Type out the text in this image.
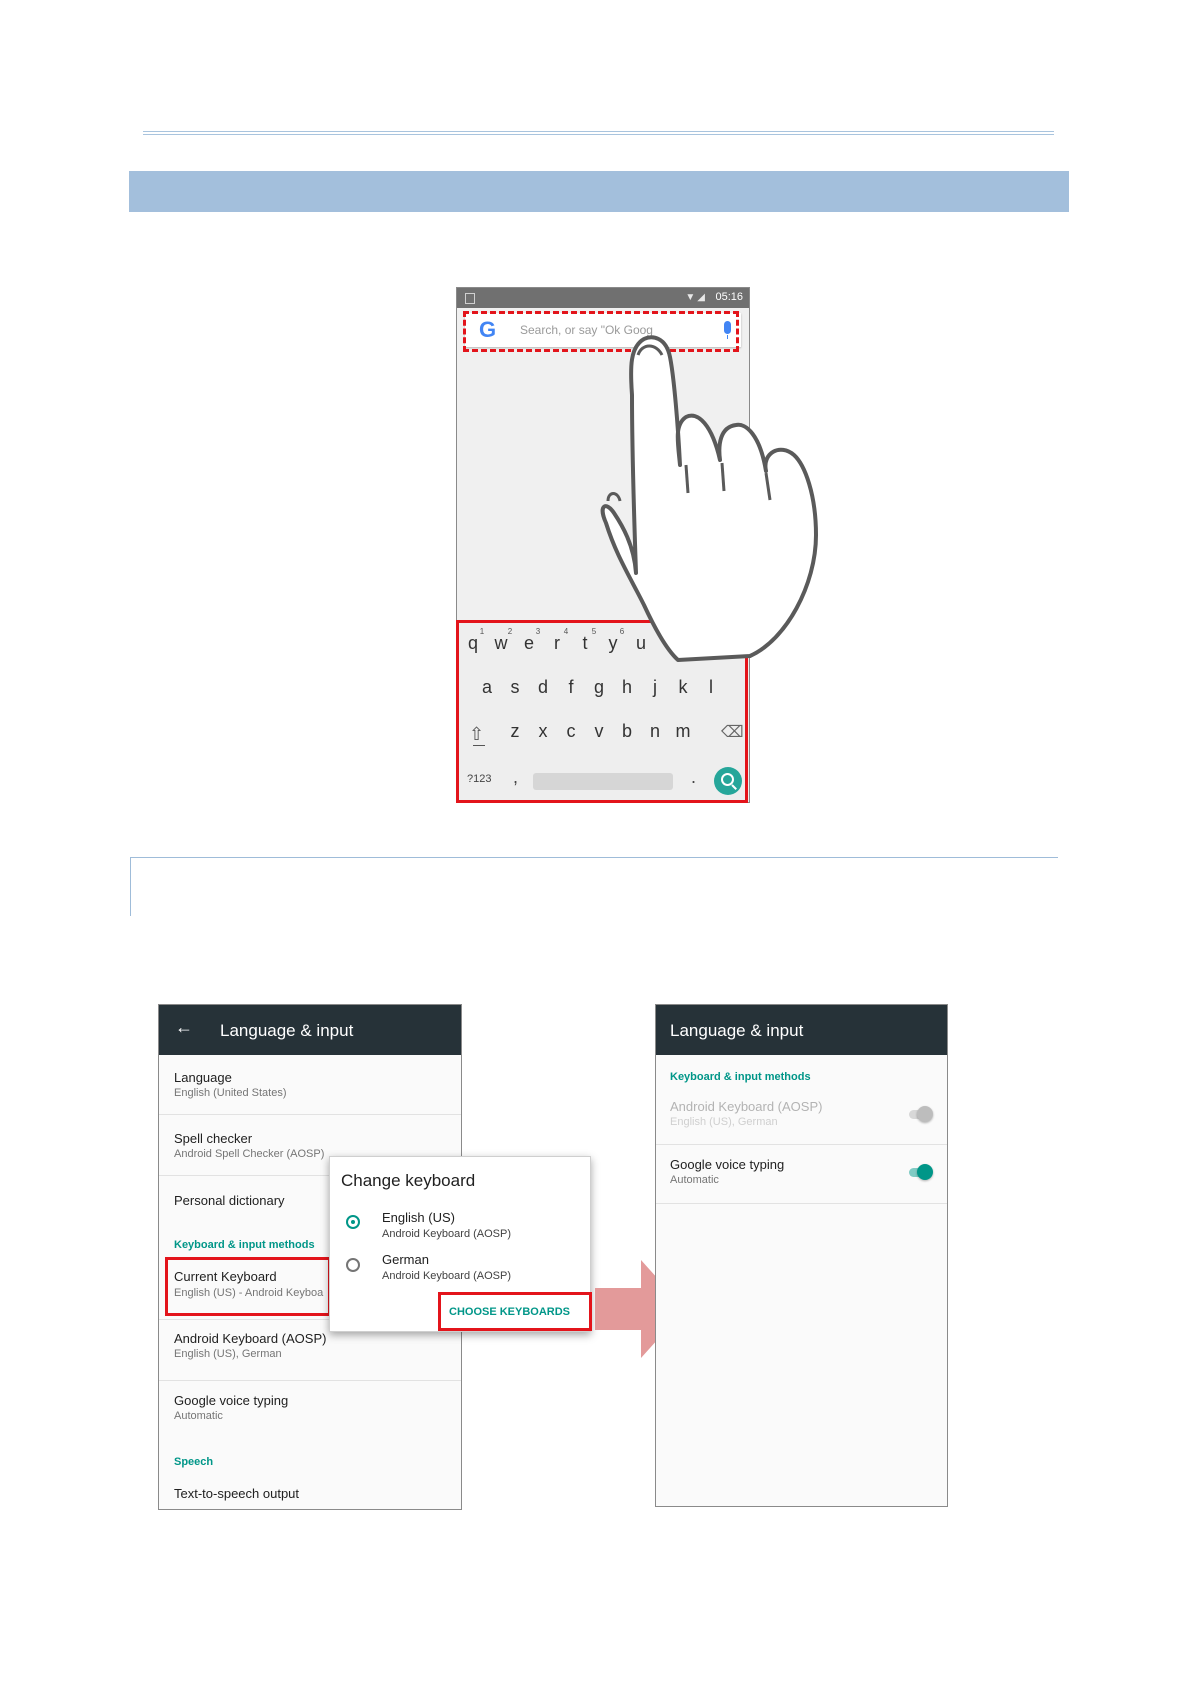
▼◢ 05:16
G Search, or say "Ok Goog
1	2	3	4	5	6
q w e	r	t	y	u
a	s	d	f	g h	j	k	l
z	x	c	v	b n m
⇧	⌫
?123 ,	.
← Language & input
Language
English (United States)
Spell checker
Android Spell Checker (AOSP)
Personal dictionary
Keyboard & input methods
Current Keyboard
English (US) - Android Keyboa
Android Keyboard (AOSP)
English (US), German
Google voice typing
Automatic
Speech
Text-to-speech output
Change keyboard
English (US)
Android Keyboard (AOSP)
German
Android Keyboard (AOSP)
CHOOSE KEYBOARDS
Language & input
Keyboard & input methods
Android Keyboard (AOSP)
English (US), German
Google voice typing
Automatic
